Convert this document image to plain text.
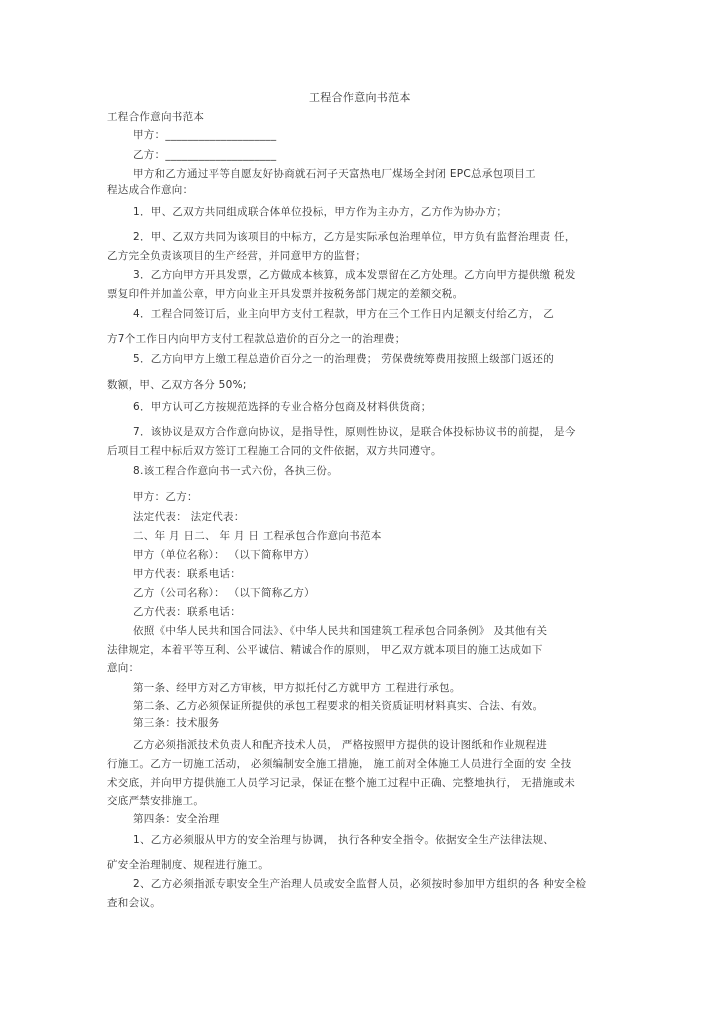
工程合作意向书范本
工程合作意向书范本
甲方：____________________
乙方：____________________
甲方和乙方通过平等自愿友好协商就石河子天富热电厂煤场全封闭 EPC总承包项目工
程达成合作意向：
1．甲、乙双方共同组成联合体单位投标，甲方作为主办方，乙方作为协办方；
2．甲、乙双方共同为该项目的中标方，乙方是实际承包治理单位，甲方负有监督治理责 任，
乙方完全负责该项目的生产经营，并同意甲方的监督；
3．乙方向甲方开具发票，乙方做成本核算，成本发票留在乙方处理。乙方向甲方提供缴 税发
票复印件并加盖公章，甲方向业主开具发票并按税务部门规定的差额交税。
4．工程合同签订后，业主向甲方支付工程款，甲方在三个工作日内足额支付给乙方， 乙
方7个工作日内向甲方支付工程款总造价的百分之一的治理费；
5．乙方向甲方上缴工程总造价百分之一的治理费； 劳保费统筹费用按照上级部门返还的
数额，甲、乙双方各分 50%;
6．甲方认可乙方按规范选择的专业合格分包商及材料供货商；
7．该协议是双方合作意向协议，是指导性，原则性协议，是联合体投标协议书的前提， 是今
后项目工程中标后双方签订工程施工合同的文件依据，双方共同遵守。
8.该工程合作意向书一式六份，各执三份。
甲方：乙方：
法定代表： 法定代表：
二、年 月 日二、 年 月 日 工程承包合作意向书范本
甲方（单位名称）： （以下简称甲方）
甲方代表：联系电话：
乙方（公司名称）： （以下简称乙方）
乙方代表：联系电话：
依照《中华人民共和国合同法》、《中华人民共和国建筑工程承包合同条例》 及其他有关
法律规定，本着平等互利、公平诚信、精诚合作的原则， 甲乙双方就本项目的施工达成如下
意向：
第一条、经甲方对乙方审核，甲方拟托付乙方就甲方 工程进行承包。
第二条、乙方必须保证所提供的承包工程要求的相关资质证明材料真实、合法、有效。
第三条：技术服务
乙方必须指派技术负责人和配齐技术人员， 严格按照甲方提供的设计图纸和作业规程进
行施工。乙方一切施工活动， 必须编制安全施工措施， 施工前对全体施工人员进行全面的安 全技
术交底，并向甲方提供施工人员学习记录，保证在整个施工过程中正确、完整地执行， 无措施或未
交底严禁安排施工。
第四条：安全治理
1、乙方必须服从甲方的安全治理与协调， 执行各种安全指令。依据安全生产法律法规、
矿安全治理制度、规程进行施工。
2、乙方必须指派专职安全生产治理人员或安全监督人员，必须按时参加甲方组织的各 种安全检
查和会议。
